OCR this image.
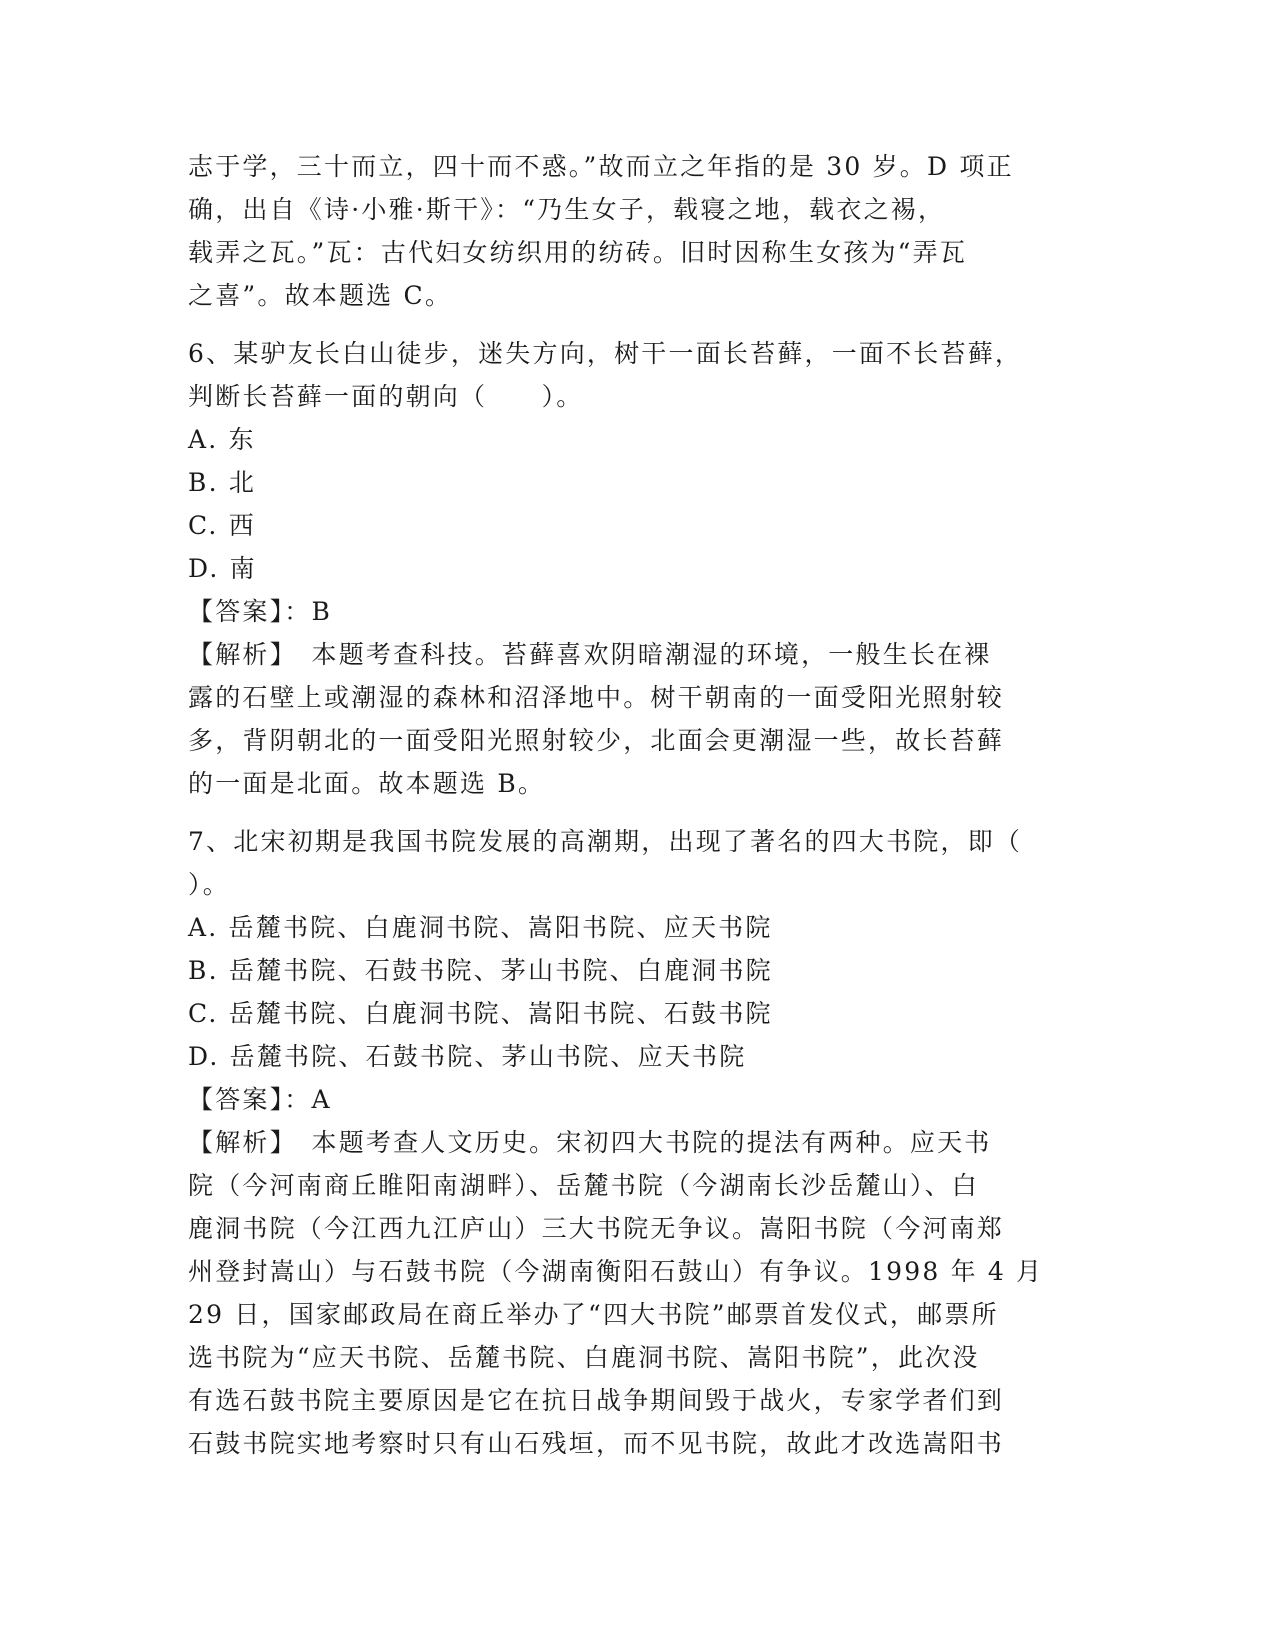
志于学，三十而立，四十而不惑。”故而立之年指的是 30 岁。D 项正
确，出自《诗·小雅·斯干》：“乃生女子，载寝之地，载衣之裼，
载弄之瓦。”瓦：古代妇女纺织用的纺砖。旧时因称生女孩为“弄瓦
之喜”。故本题选 C。
6、某驴友长白山徒步，迷失方向，树干一面长苔藓，一面不长苔藓，
判断长苔藓一面的朝向（　　）。
A. 东
B. 北
C. 西
D. 南
【答案】：B
【解析】　本题考查科技。苔藓喜欢阴暗潮湿的环境，一般生长在裸
露的石壁上或潮湿的森林和沼泽地中。树干朝南的一面受阳光照射较
多，背阴朝北的一面受阳光照射较少，北面会更潮湿一些，故长苔藓
的一面是北面。故本题选 B。
7、北宋初期是我国书院发展的高潮期，出现了著名的四大书院，即（
）。
A. 岳麓书院、白鹿洞书院、嵩阳书院、应天书院
B. 岳麓书院、石鼓书院、茅山书院、白鹿洞书院
C. 岳麓书院、白鹿洞书院、嵩阳书院、石鼓书院
D. 岳麓书院、石鼓书院、茅山书院、应天书院
【答案】：A
【解析】　本题考查人文历史。宋初四大书院的提法有两种。应天书
院（今河南商丘睢阳南湖畔）、岳麓书院（今湖南长沙岳麓山）、白
鹿洞书院（今江西九江庐山）三大书院无争议。嵩阳书院（今河南郑
州登封嵩山）与石鼓书院（今湖南衡阳石鼓山）有争议。1998 年 4 月
29 日，国家邮政局在商丘举办了“四大书院”邮票首发仪式，邮票所
选书院为“应天书院、岳麓书院、白鹿洞书院、嵩阳书院”，此次没
有选石鼓书院主要原因是它在抗日战争期间毁于战火，专家学者们到
石鼓书院实地考察时只有山石残垣，而不见书院，故此才改选嵩阳书
